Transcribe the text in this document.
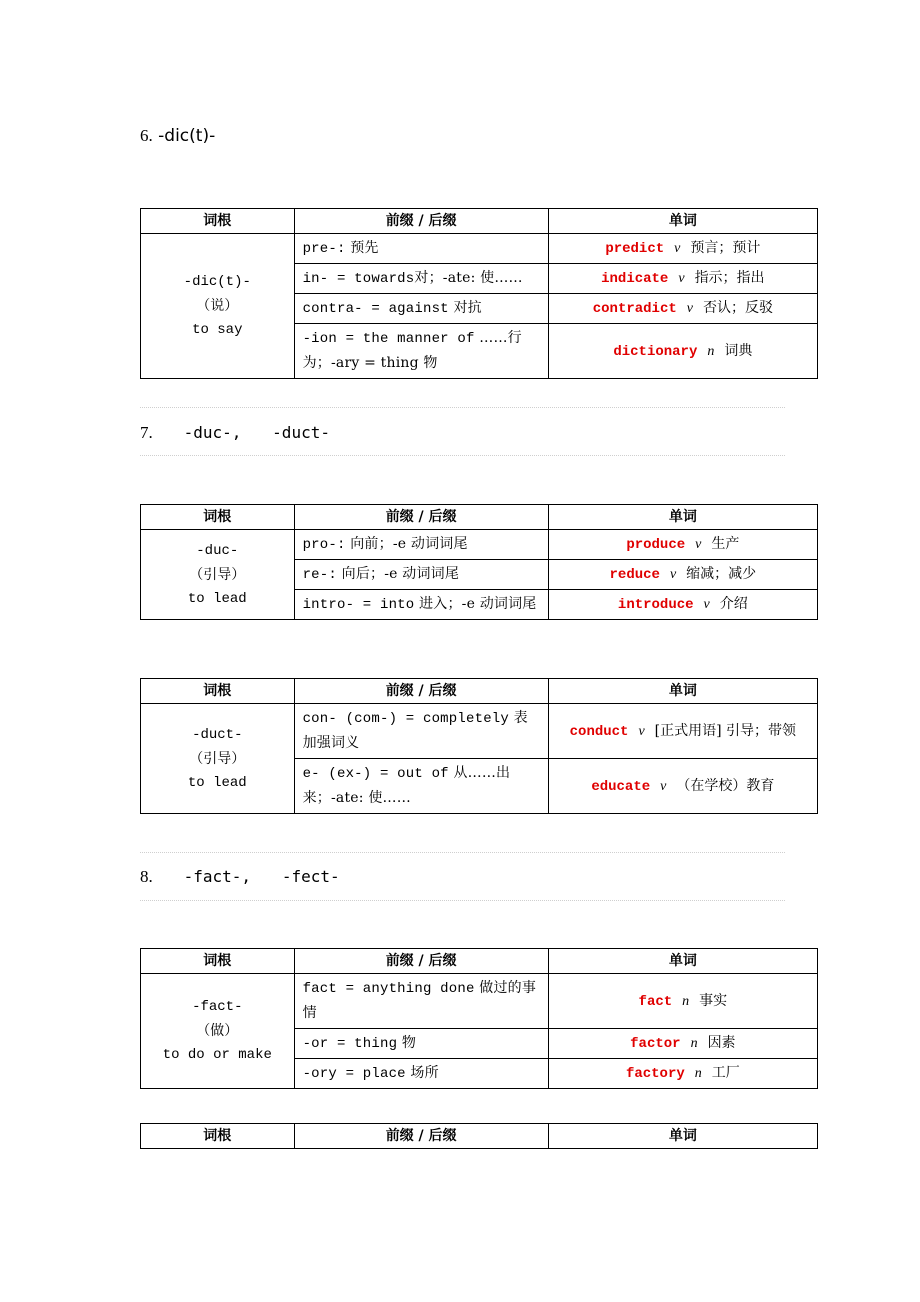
6. -dic(t)-
词根	前缀 / 后缀	单词

-dic(t)-
（说）
to say	pre-: 预先	predict v 预言；预计
	in- = towards对；-ate: 使……	indicate v 指示；指出
	contra- = against 对抗	contradict v 否认；反驳
	-ion = the manner of ……行为；-ary = thing 物	dictionary n 词典
7. -duc-, -duct-
词根	前缀 / 后缀	单词

-duc-
（引导）
to lead	pro-: 向前；-e 动词词尾	produce v 生产
	re-: 向后；-e 动词词尾	reduce v 缩减；减少
	intro- = into 进入；-e 动词词尾	introduce v 介绍
词根	前缀 / 后缀	单词

-duct-
（引导）
to lead	con- (com-) = completely 表加强词义	conduct v [正式用语] 引导；带领
	e- (ex-) = out of 从……出来；-ate: 使……	educate v （在学校）教育
8. -fact-, -fect-
词根	前缀 / 后缀	单词

-fact-
（做）
to do or make	fact = anything done 做过的事情	fact n 事实
	-or = thing 物	factor n 因素
	-ory = place 场所	factory n 工厂
词根	前缀 / 后缀	单词
